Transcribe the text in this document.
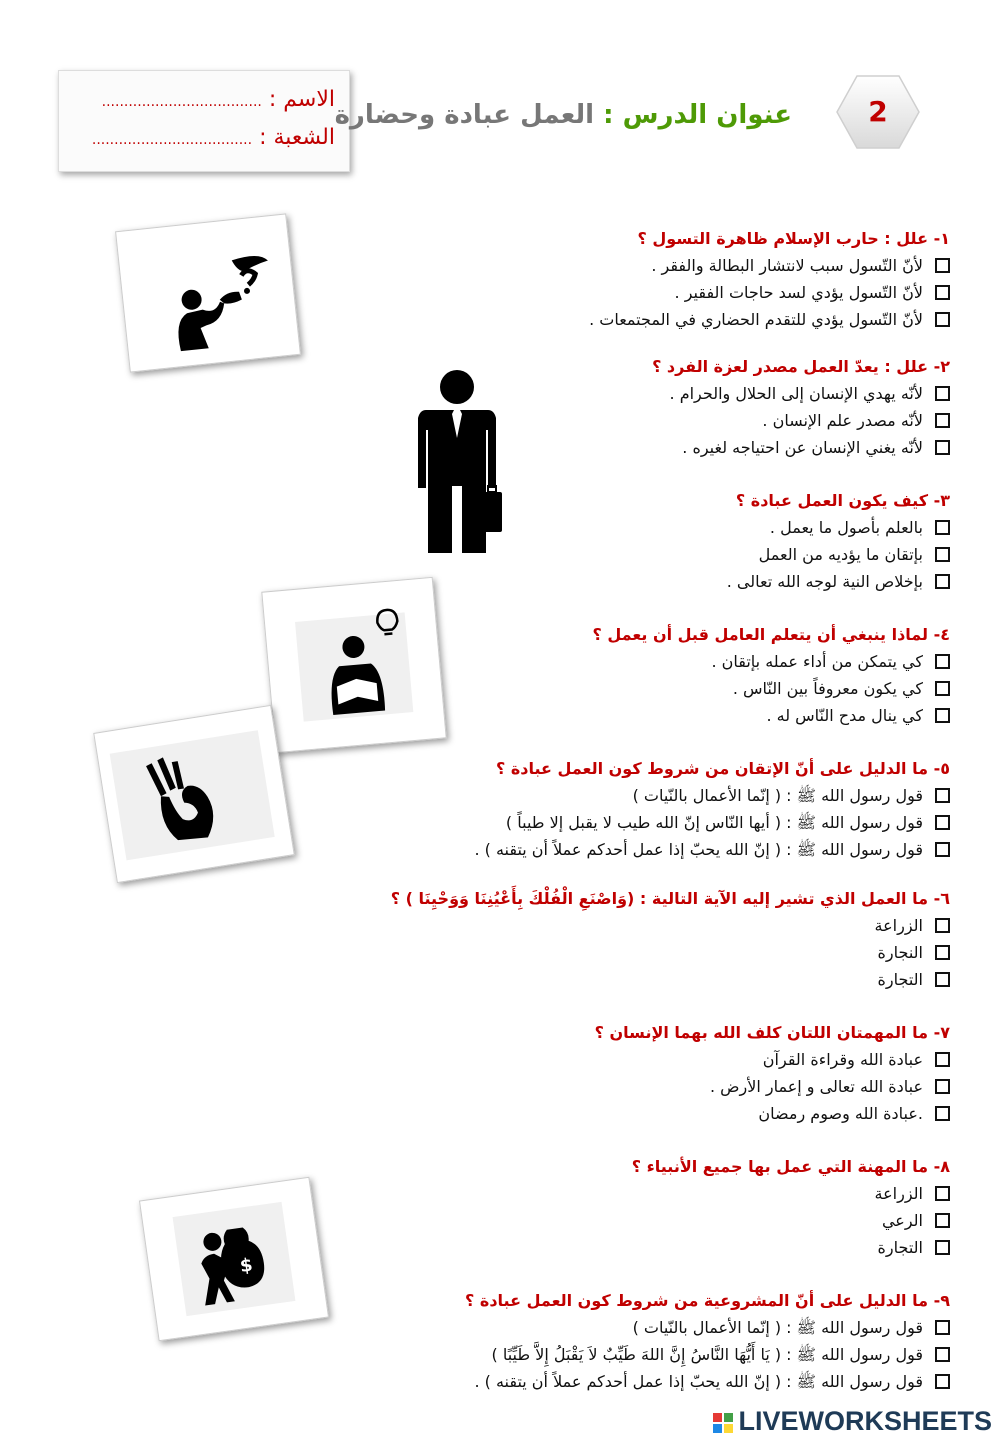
الاسم : ....................................
الشعبة : ....................................
عنوان الدرس : العمل عبادة وحضارة	2
١- علل : حارب الإسلام ظاهرة التسول ؟
لأنّ التّسول سبب لانتشار البطالة والفقر .
لأنّ التّسول يؤدي لسد حاجات الفقير .
لأنّ التّسول يؤدي للتقدم الحضاري في المجتمعات .
٢- علل : يعدّ العمل مصدر لعزة الفرد ؟
لأنّه يهدي الإنسان إلى الحلال والحرام .
لأنّه مصدر علم الإنسان .
لأنّه يغني الإنسان عن احتياجه لغيره .
٣- كيف يكون العمل عبادة ؟
بالعلم بأصول ما يعمل .
بإتقان ما يؤديه من العمل
بإخلاص النية لوجه الله تعالى .
٤- لماذا ينبغي أن يتعلم العامل قبل أن يعمل ؟
كي يتمكن من أداء عمله بإتقان .
كي يكون معروفاً بين النّاس .
كي ينال مدح النّاس له .
٥- ما الدليل على أنّ الإتقان من شروط كون العمل عبادة ؟
قول رسول الله ﷺ : ( إنّما الأعمال بالنّيات )
قول رسول الله ﷺ : ( أيها النّاس إنّ الله طيب لا يقبل إلا طيباً )
قول رسول الله ﷺ : ( إنّ الله يحبّ إذا عمل أحدكم عملاً أن يتقنه ) .
٦- ما العمل الذي تشير إليه الآية التالية : (وَاصْنَعِ الْفُلْكَ بِأَعْيُنِنَا وَوَحْيِنَا ) ؟
الزراعة
النجارة
التجارة
٧- ما المهمتان اللتان كلف الله بهما الإنسان ؟
عبادة الله وقراءة القرآن
عبادة الله تعالى و إعمار الأرض .
.عبادة الله وصوم رمضان
٨- ما المهنة التي عمل بها جميع الأنبياء ؟
الزراعة
الرعي
التجارة
٩- ما الدليل على أنّ المشروعية من شروط كون العمل عبادة ؟
قول رسول الله ﷺ : ( إنّما الأعمال بالنّيات )
قول رسول الله ﷺ : ( يَا أَيُّهَا النَّاسُ إِنَّ اللهَ طَيِّبٌ لاَ يَقْبَلُ إِلاَّ طَيِّبًا )
قول رسول الله ﷺ : ( إنّ الله يحبّ إذا عمل أحدكم عملاً أن يتقنه ) .
$
LIVEWORKSHEETS
